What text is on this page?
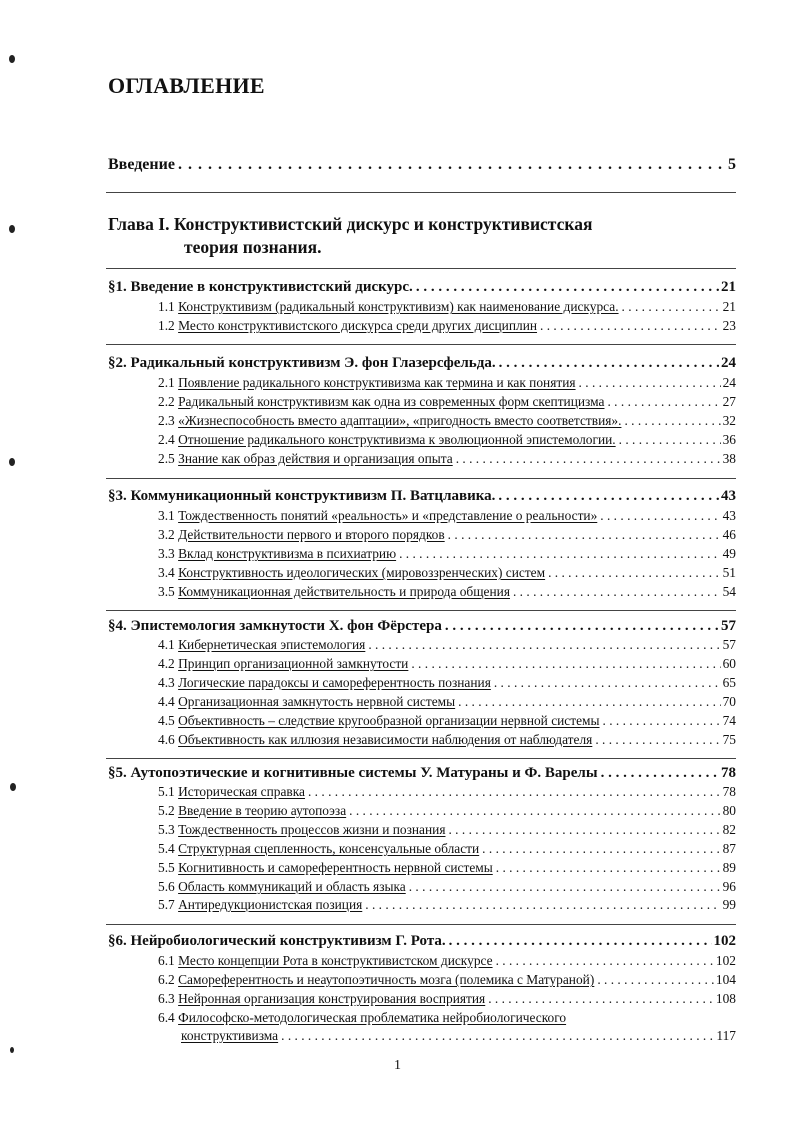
ОГЛАВЛЕНИЕ
Введение . . .	5
Глава I. Конструктивистский дискурс и конструктивистская
теория познания.
§1. Введение в конструктивистский дискурс. . . .	21
1.1 Конструктивизм (радикальный конструктивизм) как наименование дискурса. . . .	21
1.2 Место конструктивистского дискурса среди других дисциплин . . .	23
§2. Радикальный конструктивизм Э. фон Глазерсфельда. . . .	24
2.1 Появление радикального конструктивизма как термина и как понятия . . .	24
2.2 Радикальный конструктивизм как одна из современных форм скептицизма . . .	27
2.3 «Жизнеспособность вместо адаптации», «пригодность вместо соответствия». . . .	32
2.4 Отношение радикального конструктивизма к эволюционной эпистемологии. . . .	36
2.5 Знание как образ действия и организация опыта . . .	38
§3. Коммуникационный конструктивизм П. Ватцлавика. . . .	43
3.1 Тождественность понятий «реальность» и «представление о реальности» . . .	43
3.2 Действительности первого и второго порядков . . .	46
3.3 Вклад конструктивизма в психиатрию . . .	49
3.4 Конструктивность идеологических (мировоззренческих) систем . . .	51
3.5 Коммуникационная действительность и природа общения . . .	54
§4. Эпистемология замкнутости Х. фон Фёрстера . . .	57
4.1 Кибернетическая эпистемология . . .	57
4.2 Принцип организационной замкнутости . . .	60
4.3 Логические парадоксы и самореферентность познания . . .	65
4.4 Организационная замкнутость нервной системы . . .	70
4.5 Объективность – следствие кругообразной организации нервной системы . . .	74
4.6 Объективность как иллюзия независимости наблюдения от наблюдателя . . .	75
§5. Аутопоэтические и когнитивные системы У. Матураны и Ф. Варелы . . .	78
5.1 Историческая справка . . .	78
5.2 Введение в теорию аутопоэза . . .	80
5.3 Тождественность процессов жизни и познания . . .	82
5.4 Структурная сцепленность, консенсуальные области . . .	87
5.5 Когнитивность и самореферентность нервной системы . . .	89
5.6 Область коммуникаций и область языка . . .	96
5.7 Антиредукционистская позиция . . .	99
§6. Нейробиологический конструктивизм Г. Рота. . . .	102
6.1 Место концепции Рота в конструктивистском дискурсе . . .	102
6.2 Самореферентность и неаутопоэтичность мозга (полемика с Матураной) . . .	104
6.3 Нейронная организация конструирования восприятия . . .	108
6.4 Философско-методологическая проблематика нейробиологического
конструктивизма . . .	117
1
